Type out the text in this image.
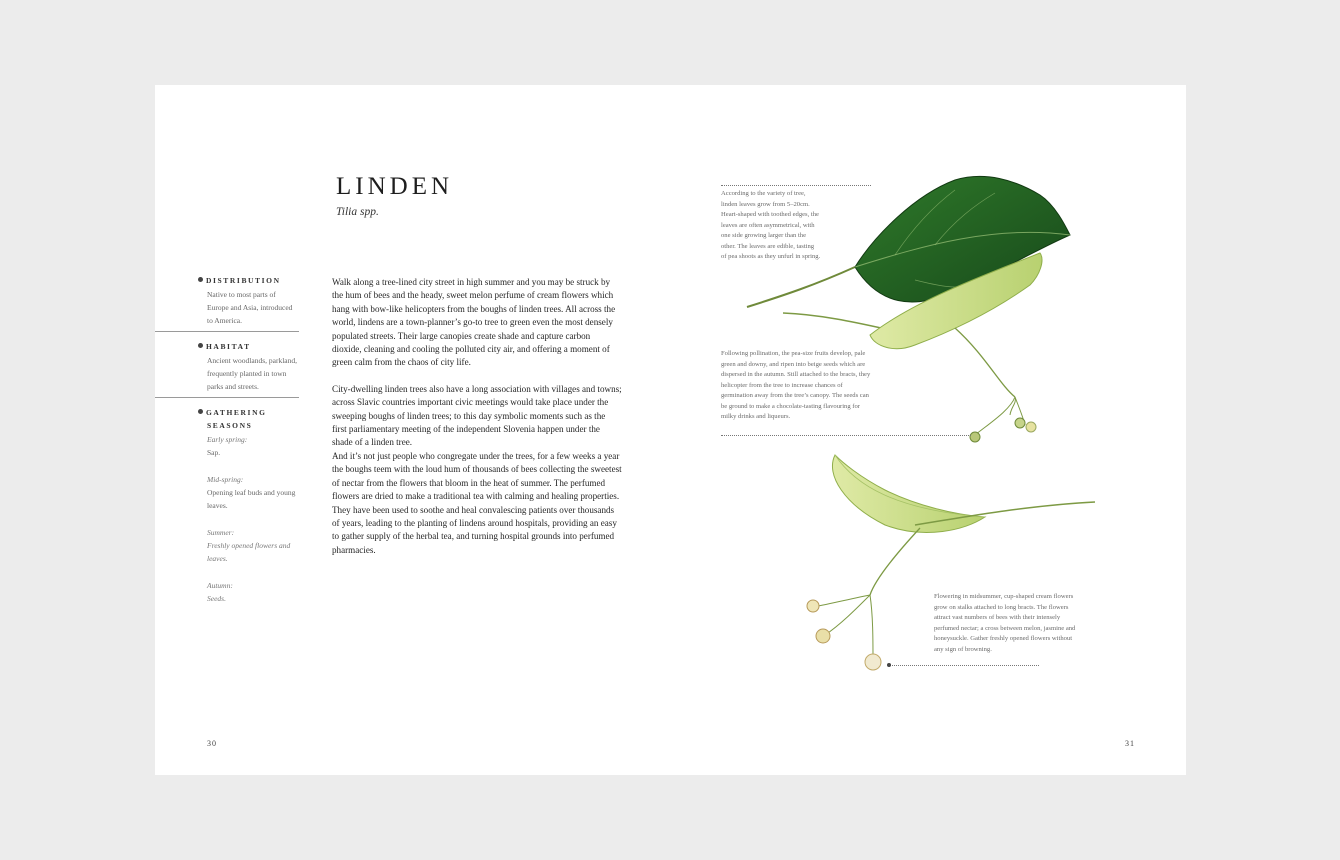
LINDEN
Tilia spp.
DISTRIBUTION
Native to most parts of Europe and Asia, introduced to America.
HABITAT
Ancient woodlands, parkland, frequently planted in town parks and streets.
GATHERING
SEASONS
Early spring:
Sap.
Mid-spring:
Opening leaf buds and young leaves.
Summer:
Freshly opened flowers and leaves.
Autumn:
Seeds.

Walk along a tree-lined city street in high summer and you may be struck by the hum of bees and the heady, sweet melon perfume of cream flowers which hang with bow-like helicopters from the boughs of linden trees. All across the world, lindens are a town-planner’s go-to tree to green even the most densely populated streets. Their large canopies create shade and capture carbon dioxide, cleaning and cooling the polluted city air, and offering a moment of green calm from the chaos of city life.

City-dwelling linden trees also have a long association with villages and towns; across Slavic countries important civic meetings would take place under the sweeping boughs of linden trees; to this day symbolic moments such as the first parliamentary meeting of the independent Slovenia happen under the shade of a linden tree.

And it’s not just people who congregate under the trees, for a few weeks a year the boughs teem with the loud hum of thousands of bees collecting the sweetest of nectar from the flowers that bloom in the heat of summer. The perfumed flowers are dried to make a traditional tea with calming and healing properties. They have been used to soothe and heal convalescing patients over thousands of years, leading to the planting of lindens around hospitals, providing an easy to gather supply of the herbal tea, and turning hospital grounds into perfumed pharmacies.

30	31
According to the variety of tree, linden leaves grow from 5–20cm. Heart-shaped with toothed edges, the leaves are often asymmetrical, with one side growing larger than the other. The leaves are edible, tasting of pea shoots as they unfurl in spring.
Following pollination, the pea-size fruits develop, pale green and downy, and ripen into beige seeds which are dispersed in the autumn. Still attached to the bracts, they helicopter from the tree to increase chances of germination away from the tree’s canopy. The seeds can be ground to make a chocolate-tasting flavouring for milky drinks and liqueurs.
Flowering in midsummer, cup-shaped cream flowers grow on stalks attached to long bracts. The flowers attract vast numbers of bees with their intensely perfumed nectar; a cross between melon, jasmine and honeysuckle. Gather freshly opened flowers without any sign of browning.
